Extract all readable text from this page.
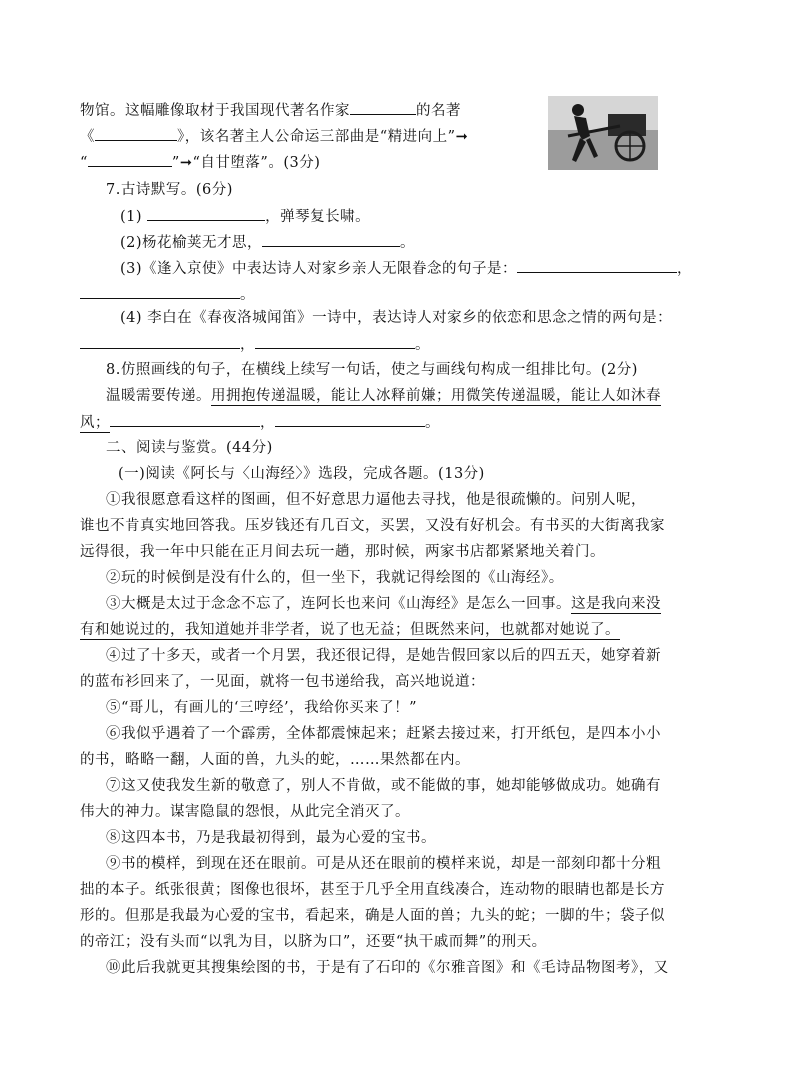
物馆。这幅雕像取材于我国现代著名作家	的名著
《	》，该名著主人公命运三部曲是“精进向上”➞
“	”➞“自甘堕落”。(3分)
7.古诗默写。(6分)
(1)	，弹琴复长啸。
(2)杨花榆荚无才思，	。
(3)《逢入京使》中表达诗人对家乡亲人无限眷念的句子是：	，
。
(4) 李白在《春夜洛城闻笛》一诗中，表达诗人对家乡的依恋和思念之情的两句是：
，	。
8.仿照画线的句子，在横线上续写一句话，使之与画线句构成一组排比句。(2分)
温暖需要传递。用拥抱传递温暖，能让人冰释前嫌；用微笑传递温暖，能让人如沐春
风；	，	。
二、阅读与鉴赏。(44分)
(一)阅读《阿长与〈山海经〉》选段，完成各题。(13分)
①我很愿意看这样的图画，但不好意思力逼他去寻找，他是很疏懒的。问别人呢，
谁也不肯真实地回答我。压岁钱还有几百文，买罢，又没有好机会。有书买的大街离我家
远得很，我一年中只能在正月间去玩一趟，那时候，两家书店都紧紧地关着门。
②玩的时候倒是没有什么的，但一坐下，我就记得绘图的《山海经》。
③大概是太过于念念不忘了，连阿长也来问《山海经》是怎么一回事。这是我向来没
有和她说过的，我知道她并非学者，说了也无益；但既然来问，也就都对她说了。
④过了十多天，或者一个月罢，我还很记得，是她告假回家以后的四五天，她穿着新
的蓝布衫回来了，一见面，就将一包书递给我，高兴地说道：
⑤“哥儿，有画儿的‘三哼经’，我给你买来了！”
⑥我似乎遇着了一个霹雳，全体都震悚起来；赶紧去接过来，打开纸包，是四本小小
的书，略略一翻，人面的兽，九头的蛇，……果然都在内。
⑦这又使我发生新的敬意了，别人不肯做，或不能做的事，她却能够做成功。她确有
伟大的神力。谋害隐鼠的怨恨，从此完全消灭了。
⑧这四本书，乃是我最初得到，最为心爱的宝书。
⑨书的模样，到现在还在眼前。可是从还在眼前的模样来说，却是一部刻印都十分粗
拙的本子。纸张很黄；图像也很坏，甚至于几乎全用直线凑合，连动物的眼睛也都是长方
形的。但那是我最为心爱的宝书，看起来，确是人面的兽；九头的蛇；一脚的牛；袋子似
的帝江；没有头而“以乳为目，以脐为口”，还要“执干戚而舞”的刑天。
⑩此后我就更其搜集绘图的书，于是有了石印的《尔雅音图》和《毛诗品物图考》，又
